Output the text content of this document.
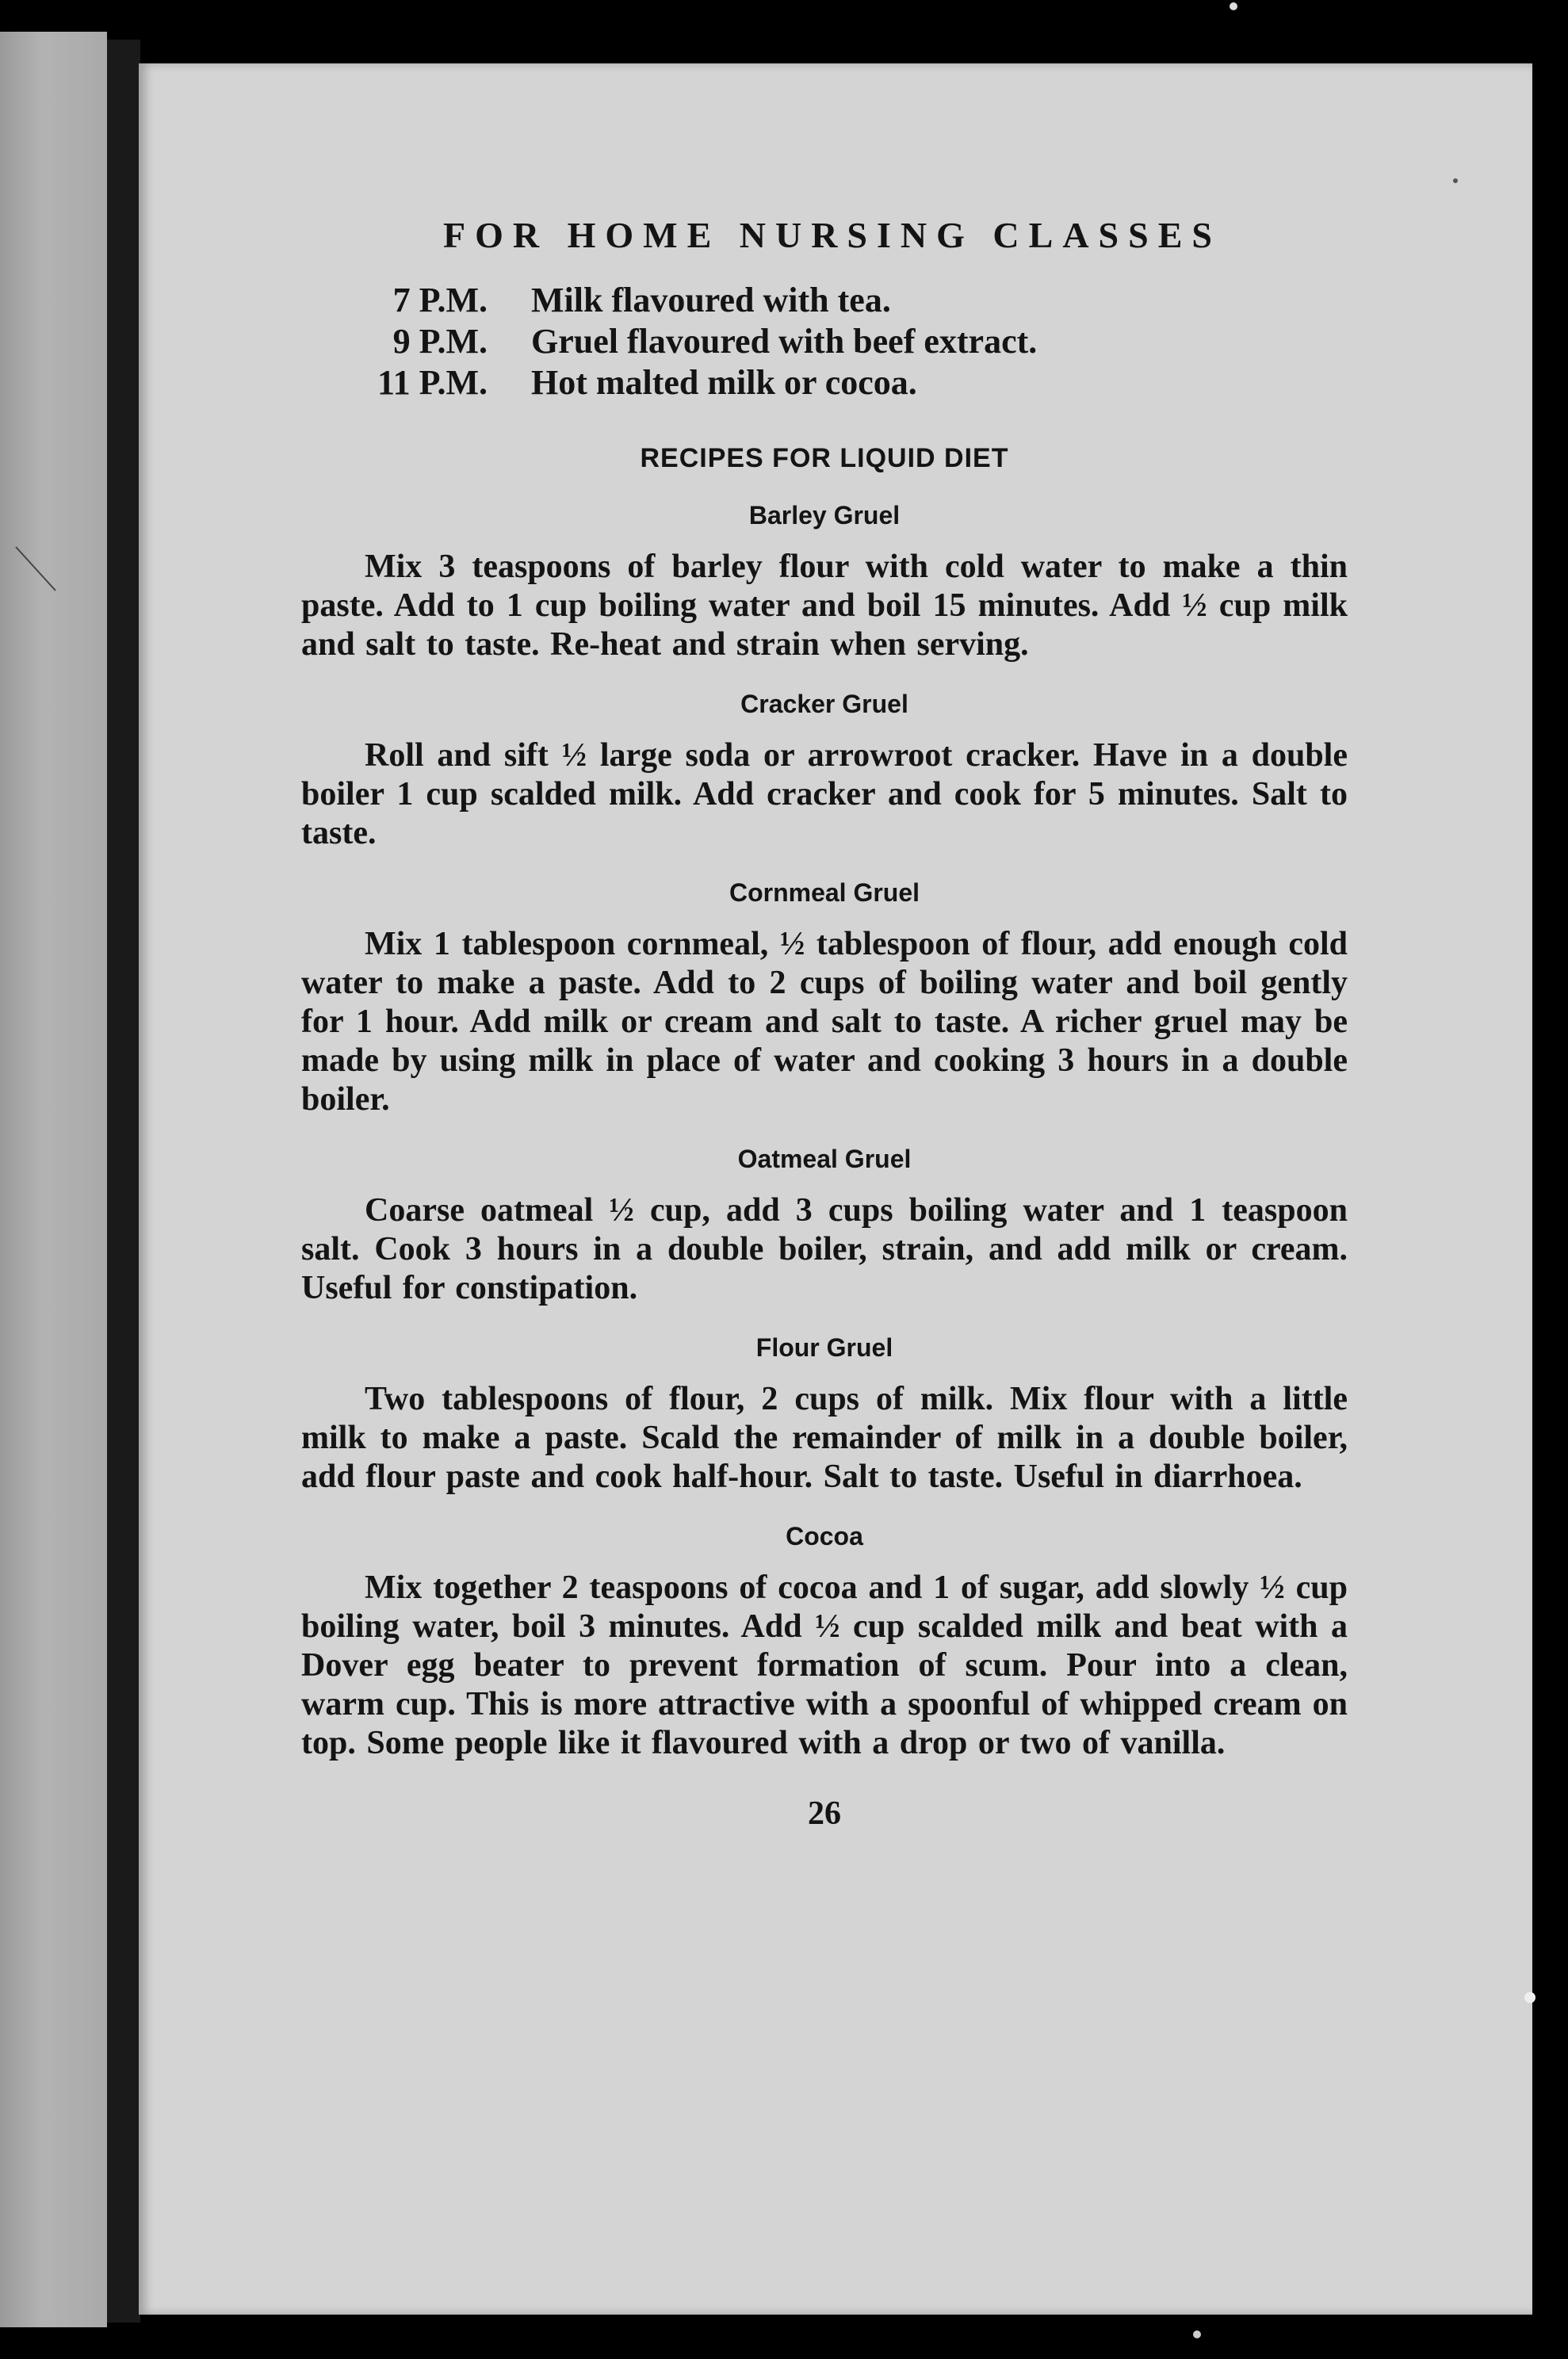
FOR HOME NURSING CLASSES
7 P.M.	Milk flavoured with tea.
9 P.M.	Gruel flavoured with beef extract.
11 P.M.	Hot malted milk or cocoa.
RECIPES FOR LIQUID DIET
Barley Gruel

Mix 3 teaspoons of barley flour with cold water to make a thin paste. Add to 1 cup boiling water and boil 15 minutes. Add ½ cup milk and salt to taste. Re-heat and strain when serving.

Cracker Gruel

Roll and sift ½ large soda or arrowroot cracker. Have in a double boiler 1 cup scalded milk. Add cracker and cook for 5 minutes. Salt to taste.

Cornmeal Gruel

Mix 1 tablespoon cornmeal, ½ tablespoon of flour, add enough cold water to make a paste. Add to 2 cups of boiling water and boil gently for 1 hour. Add milk or cream and salt to taste. A richer gruel may be made by using milk in place of water and cooking 3 hours in a double boiler.

Oatmeal Gruel

Coarse oatmeal ½ cup, add 3 cups boiling water and 1 teaspoon salt. Cook 3 hours in a double boiler, strain, and add milk or cream. Useful for constipation.

Flour Gruel

Two tablespoons of flour, 2 cups of milk. Mix flour with a little milk to make a paste. Scald the remainder of milk in a double boiler, add flour paste and cook half-hour. Salt to taste. Useful in diarrhoea.

Cocoa

Mix together 2 teaspoons of cocoa and 1 of sugar, add slowly ½ cup boiling water, boil 3 minutes. Add ½ cup scalded milk and beat with a Dover egg beater to prevent formation of scum. Pour into a clean, warm cup. This is more attractive with a spoonful of whipped cream on top. Some people like it flavoured with a drop or two of vanilla.

26
